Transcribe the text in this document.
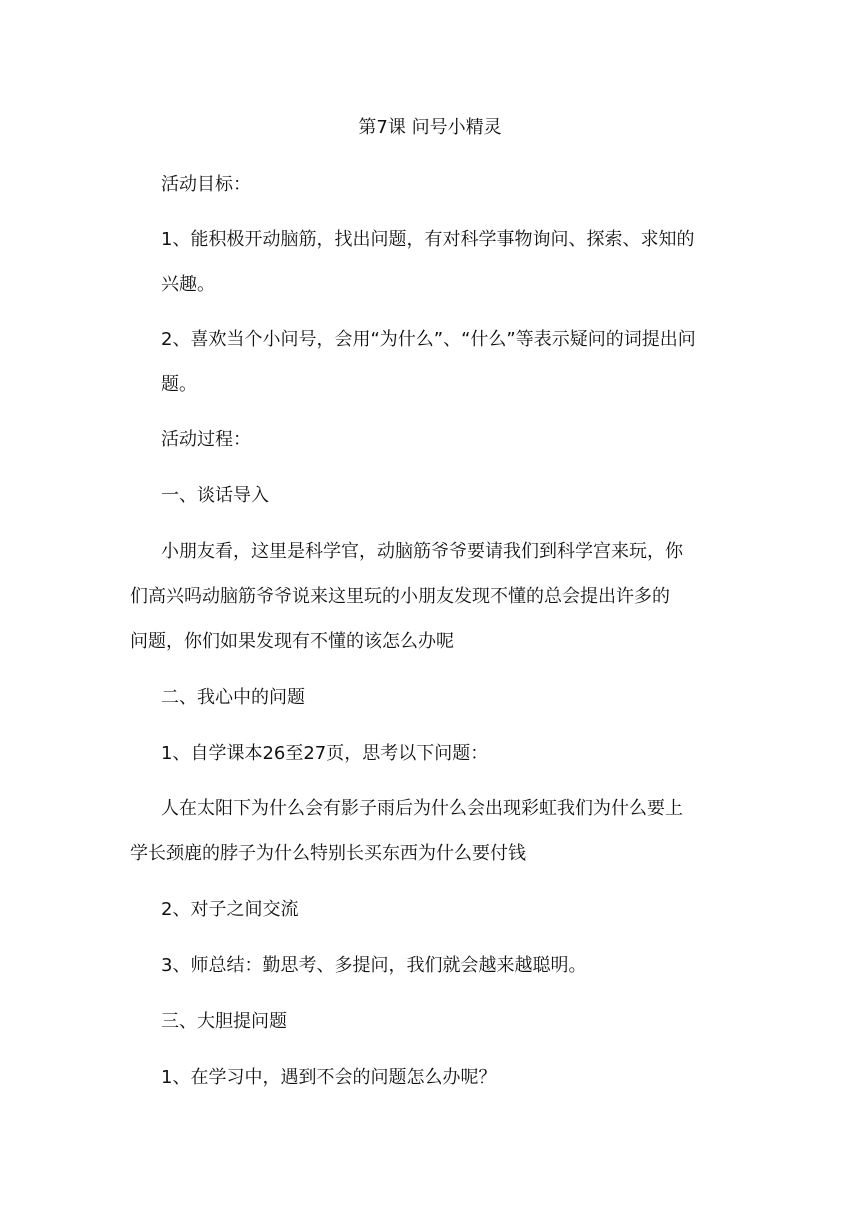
第7课 问号小精灵
活动目标：
1、能积极开动脑筋，找出问题，有对科学事物询问、探索、求知的
兴趣。
2、喜欢当个小问号，会用“为什么”、“什么”等表示疑问的词提出问
题。
活动过程：
一、谈话导入
小朋友看，这里是科学官，动脑筋爷爷要请我们到科学宫来玩，你
们高兴吗动脑筋爷爷说来这里玩的小朋友发现不懂的总会提出许多的
问题，你们如果发现有不懂的该怎么办呢
二、我心中的问题
1、自学课本26至27页，思考以下问题：
人在太阳下为什么会有影子雨后为什么会出现彩虹我们为什么要上
学长颈鹿的脖子为什么特别长买东西为什么要付钱
2、对子之间交流
3、师总结：勤思考、多提问，我们就会越来越聪明。
三、大胆提问题
1、在学习中，遇到不会的问题怎么办呢？
